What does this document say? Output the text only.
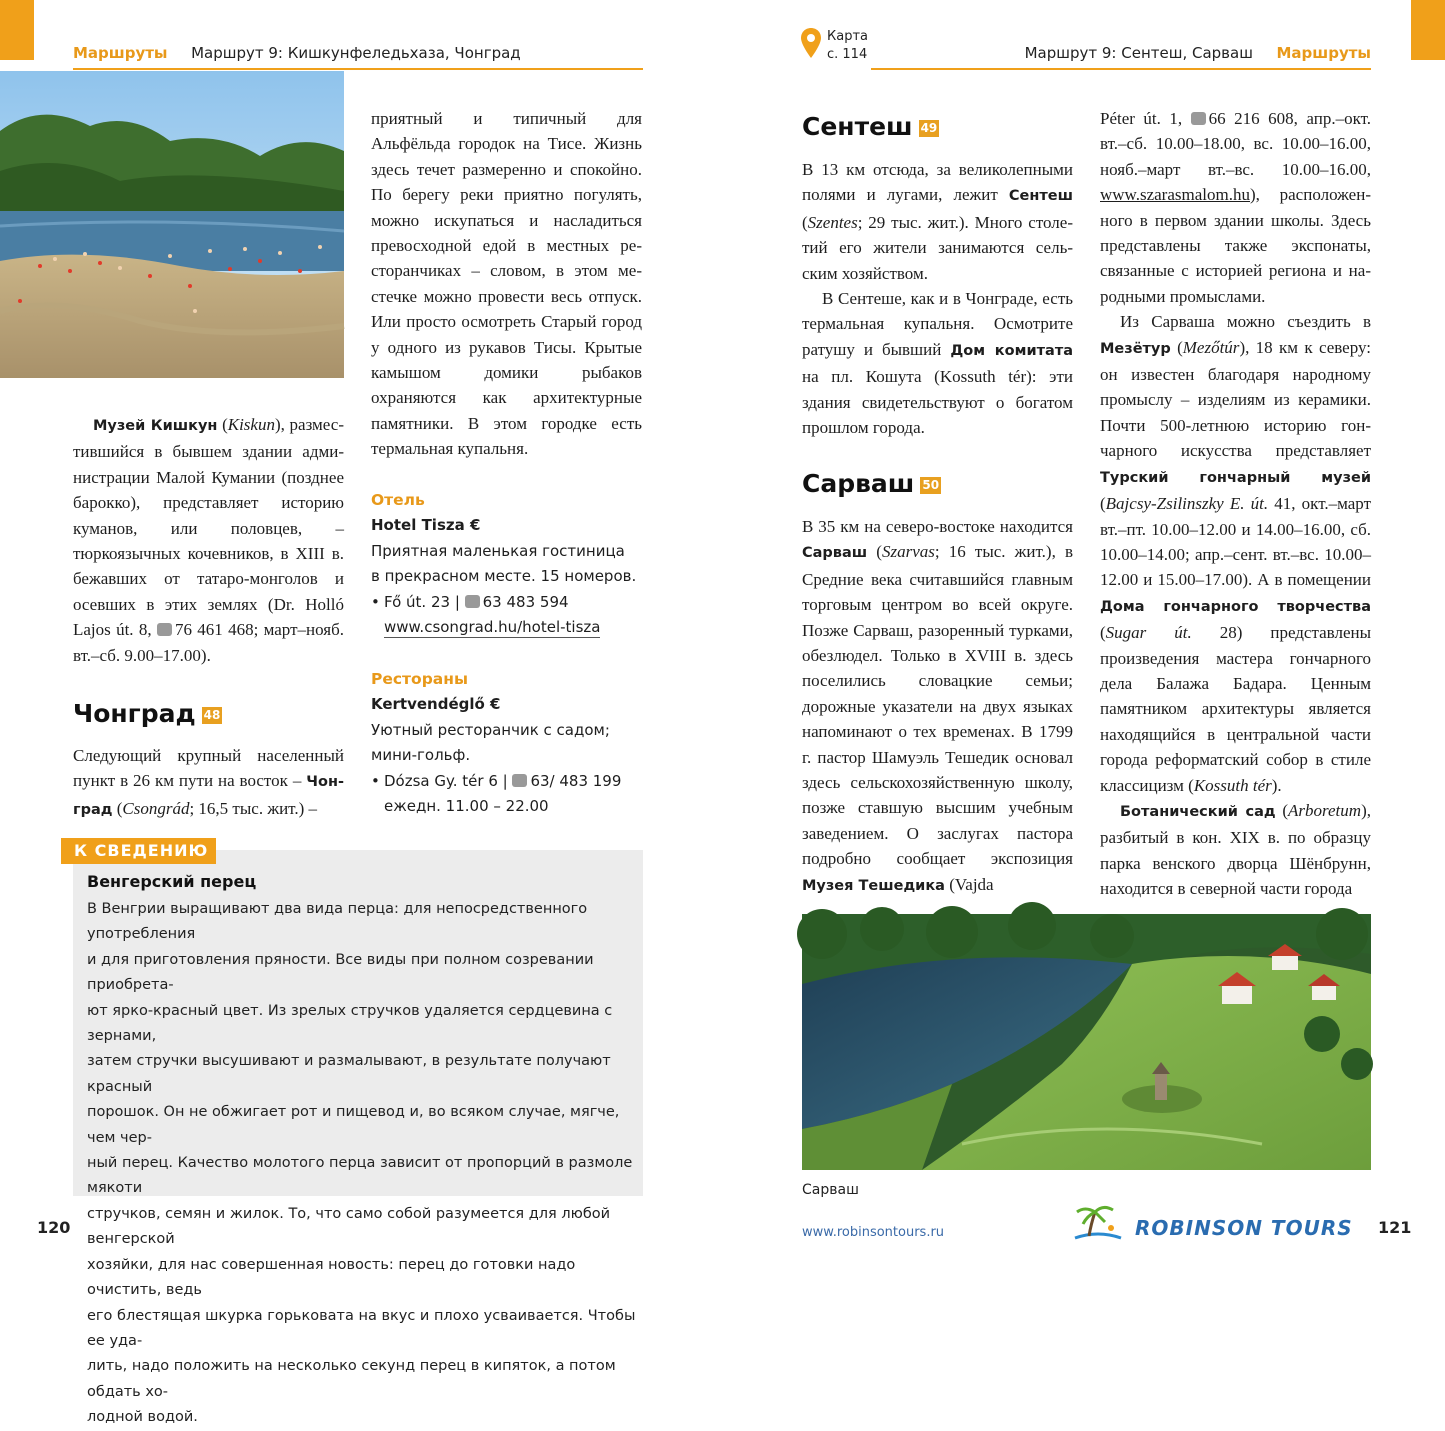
Маршруты Маршрут 9: Кишкунфеледьхаза, Чонград

Музей Кишкун (Kiskun), разместившийся в бывшем здании администрации Малой Кумании (позднее барокко), представляет историю куманов, или половцев, – тюркоязычных кочевников, в XIII в. бежавших от татаро-монголов и осевших в этих землях (Dr. Holló Lajos út. 8, 76 461 468; март–нояб. вт.–сб. 9.00–17.00).

Чонград 48

Следующий крупный населенный пункт в 26 км пути на восток – Чонград (Csongrád; 16,5 тыс. жит.) –

приятный и типичный для Альфёльда городок на Тисе. Жизнь здесь течет размеренно и спокойно. По берегу реки приятно погулять, можно искупаться и насладиться превосходной едой в местных ресторанчиках – словом, в этом местечке можно провести весь отпуск. Или просто осмотреть Старый город у одного из рукавов Тисы. Крытые камышом домики рыбаков охраняются как архитектурные памятники. В этом городке есть термальная купальня.

Отель
Hotel Tisza €
Приятная маленькая гостиница
в прекрасном месте. 15 номеров.
• Fő út. 23 | 63 483 594
www.csongrad.hu/hotel-tisza
Рестораны
Kertvendéglő €
Уютный ресторанчик с садом;
мини-гольф.
• Dózsa Gy. tér 6 | 63/ 483 199
ежедн. 11.00 – 22.00
К СВЕДЕНИЮ
Венгерский перец
В Венгрии выращивают два вида перца: для непосредственного употребления
и для приготовления пряности. Все виды при полном созревании приобрета-
ют ярко-красный цвет. Из зрелых стручков удаляется сердцевина с зернами,
затем стручки высушивают и размалывают, в результате получают красный
порошок. Он не обжигает рот и пищевод и, во всяком случае, мягче, чем чер-
ный перец. Качество молотого перца зависит от пропорций в размоле мякоти
стручков, семян и жилок. То, что само собой разумеется для любой венгерской
хозяйки, для нас совершенная новость: перец до готовки надо очистить, ведь
его блестящая шкурка горьковата на вкус и плохо усваивается. Чтобы ее уда-
лить, надо положить на несколько секунд перец в кипяток, а потом обдать хо-
лодной водой.
120
Карта
с. 114	Маршрут 9: Сентеш, Сарваш Маршруты
Сентеш 49

В 13 км отсюда, за великолепными полями и лугами, лежит Сентеш (Szentes; 29 тыс. жит.). Много столетий его жители занимаются сельским хозяйством.

В Сентеше, как и в Чонграде, есть термальная купальня. Осмотрите ратушу и бывший Дом комитата на пл. Кошута (Kossuth tér): эти здания свидетельствуют о богатом прошлом города.

Сарваш 50

В 35 км на северо-востоке находится Сарваш (Szarvas; 16 тыс. жит.), в Средние века считавшийся главным торговым центром во всей округе. Позже Сарваш, разоренный турками, обезлюдел. Только в XVIII в. здесь поселились словацкие семьи; дорожные указатели на двух языках напоминают о тех временах. В 1799 г. пастор Шамуэль Тешедик основал здесь сельскохозяйственную школу, позже ставшую высшим учебным заведением. О заслугах пастора подробно сообщает экспозиция Музея Тешедика (Vajda

Péter út. 1, 66 216 608, апр.–окт. вт.–сб. 10.00–18.00, вс. 10.00–16.00, нояб.–март вт.–вс. 10.00–16.00, www.szarasmalom.hu), расположенного в первом здании школы. Здесь представлены также экспонаты, связанные с историей региона и народными промыслами.

Из Сарваша можно съездить в Мезётур (Mezőtúr), 18 км к северу: он известен благодаря народному промыслу – изделиям из керамики. Почти 500-летнюю историю гончарного искусства представляет Турский гончарный музей (Bajcsy-Zsilinszky E. út. 41, окт.–март вт.–пт. 10.00–12.00 и 14.00–16.00, сб. 10.00–14.00; апр.–сент. вт.–вс. 10.00–12.00 и 15.00–17.00). А в помещении Дома гончарного творчества (Sugar út. 28) представлены произведения мастера гончарного дела Балажа Бадара. Ценным памятником архитектуры является находящийся в центральной части города реформатский собор в стиле классицизм (Kossuth tér).

Ботанический сад (Arboretum), разбитый в кон. XIX в. по образцу парка венского дворца Шёнбрунн, находится в северной части города

Сарваш
www.robinsontours.ru	ROBINSON TOURS 121
